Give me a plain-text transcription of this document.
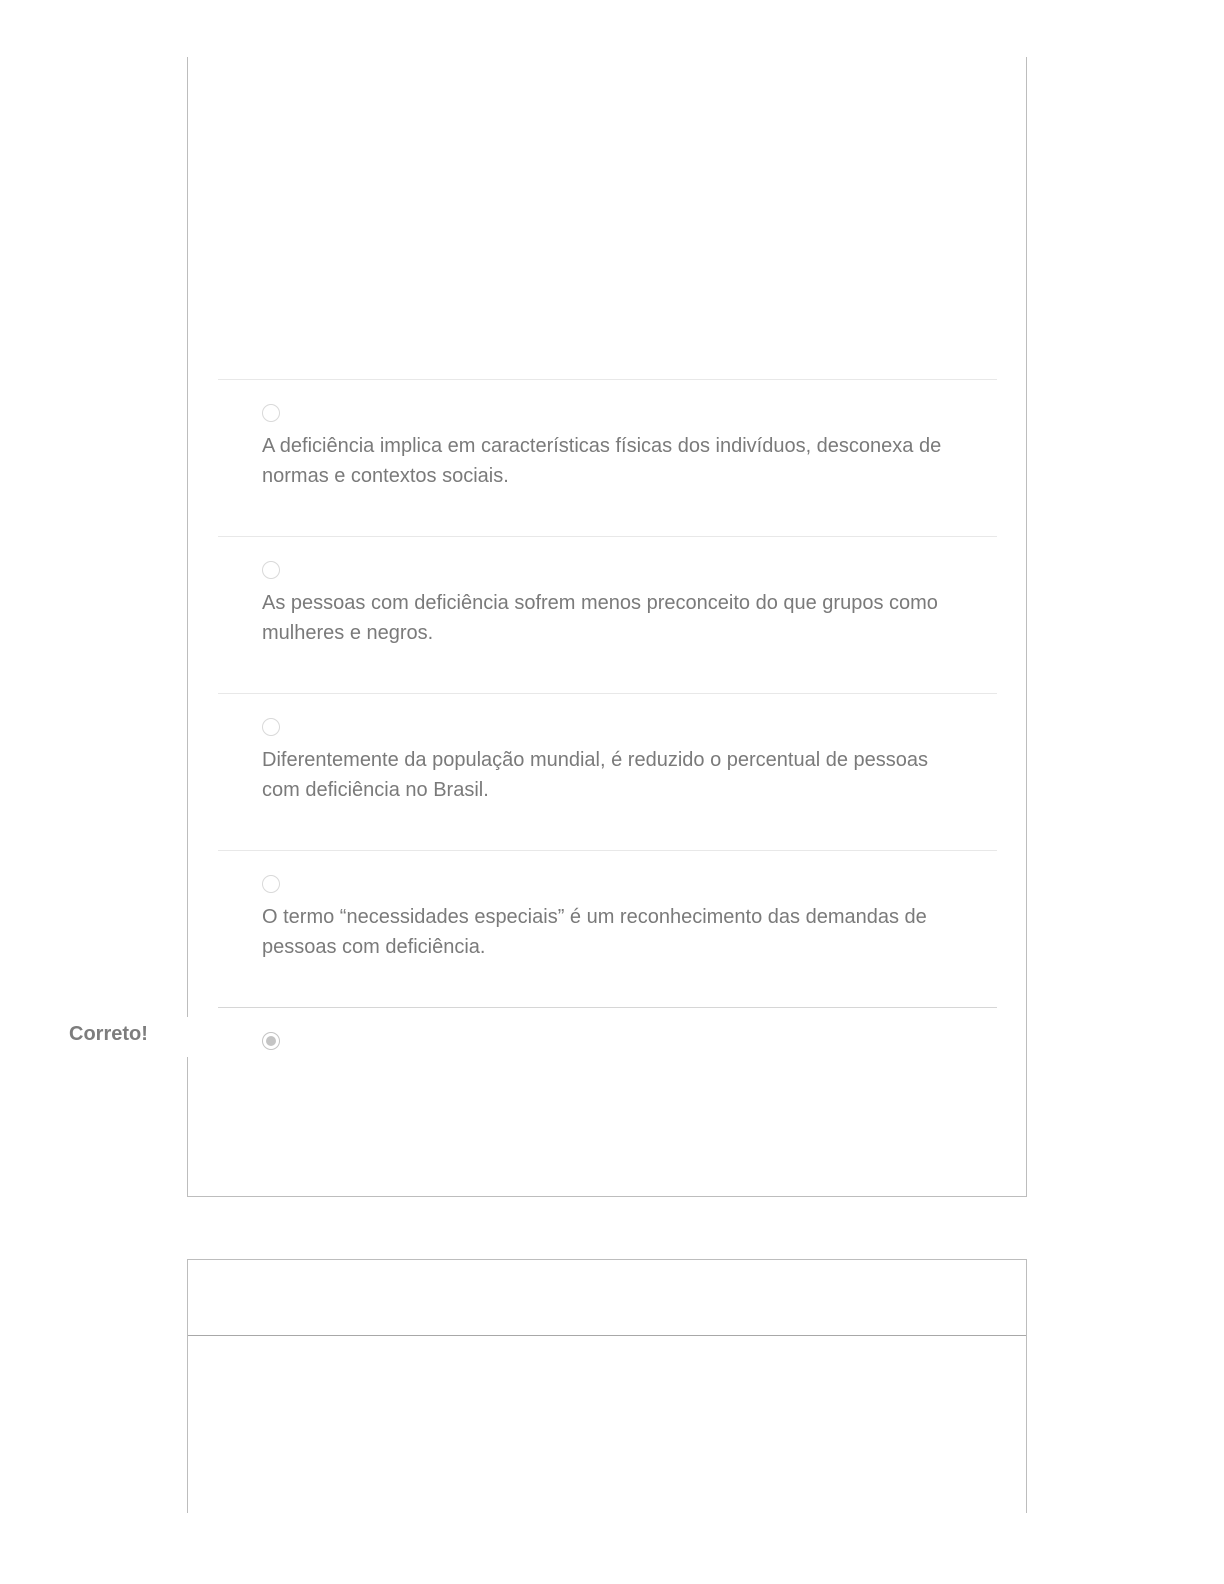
A deficiência implica em características físicas dos indivíduos, desconexa de normas e contextos sociais.
As pessoas com deficiência sofrem menos preconceito do que grupos como mulheres e negros.
Diferentemente da população mundial, é reduzido o percentual de pessoas com deficiência no Brasil.
O termo “necessidades especiais” é um reconhecimento das demandas de pessoas com deficiência.
Correto!
